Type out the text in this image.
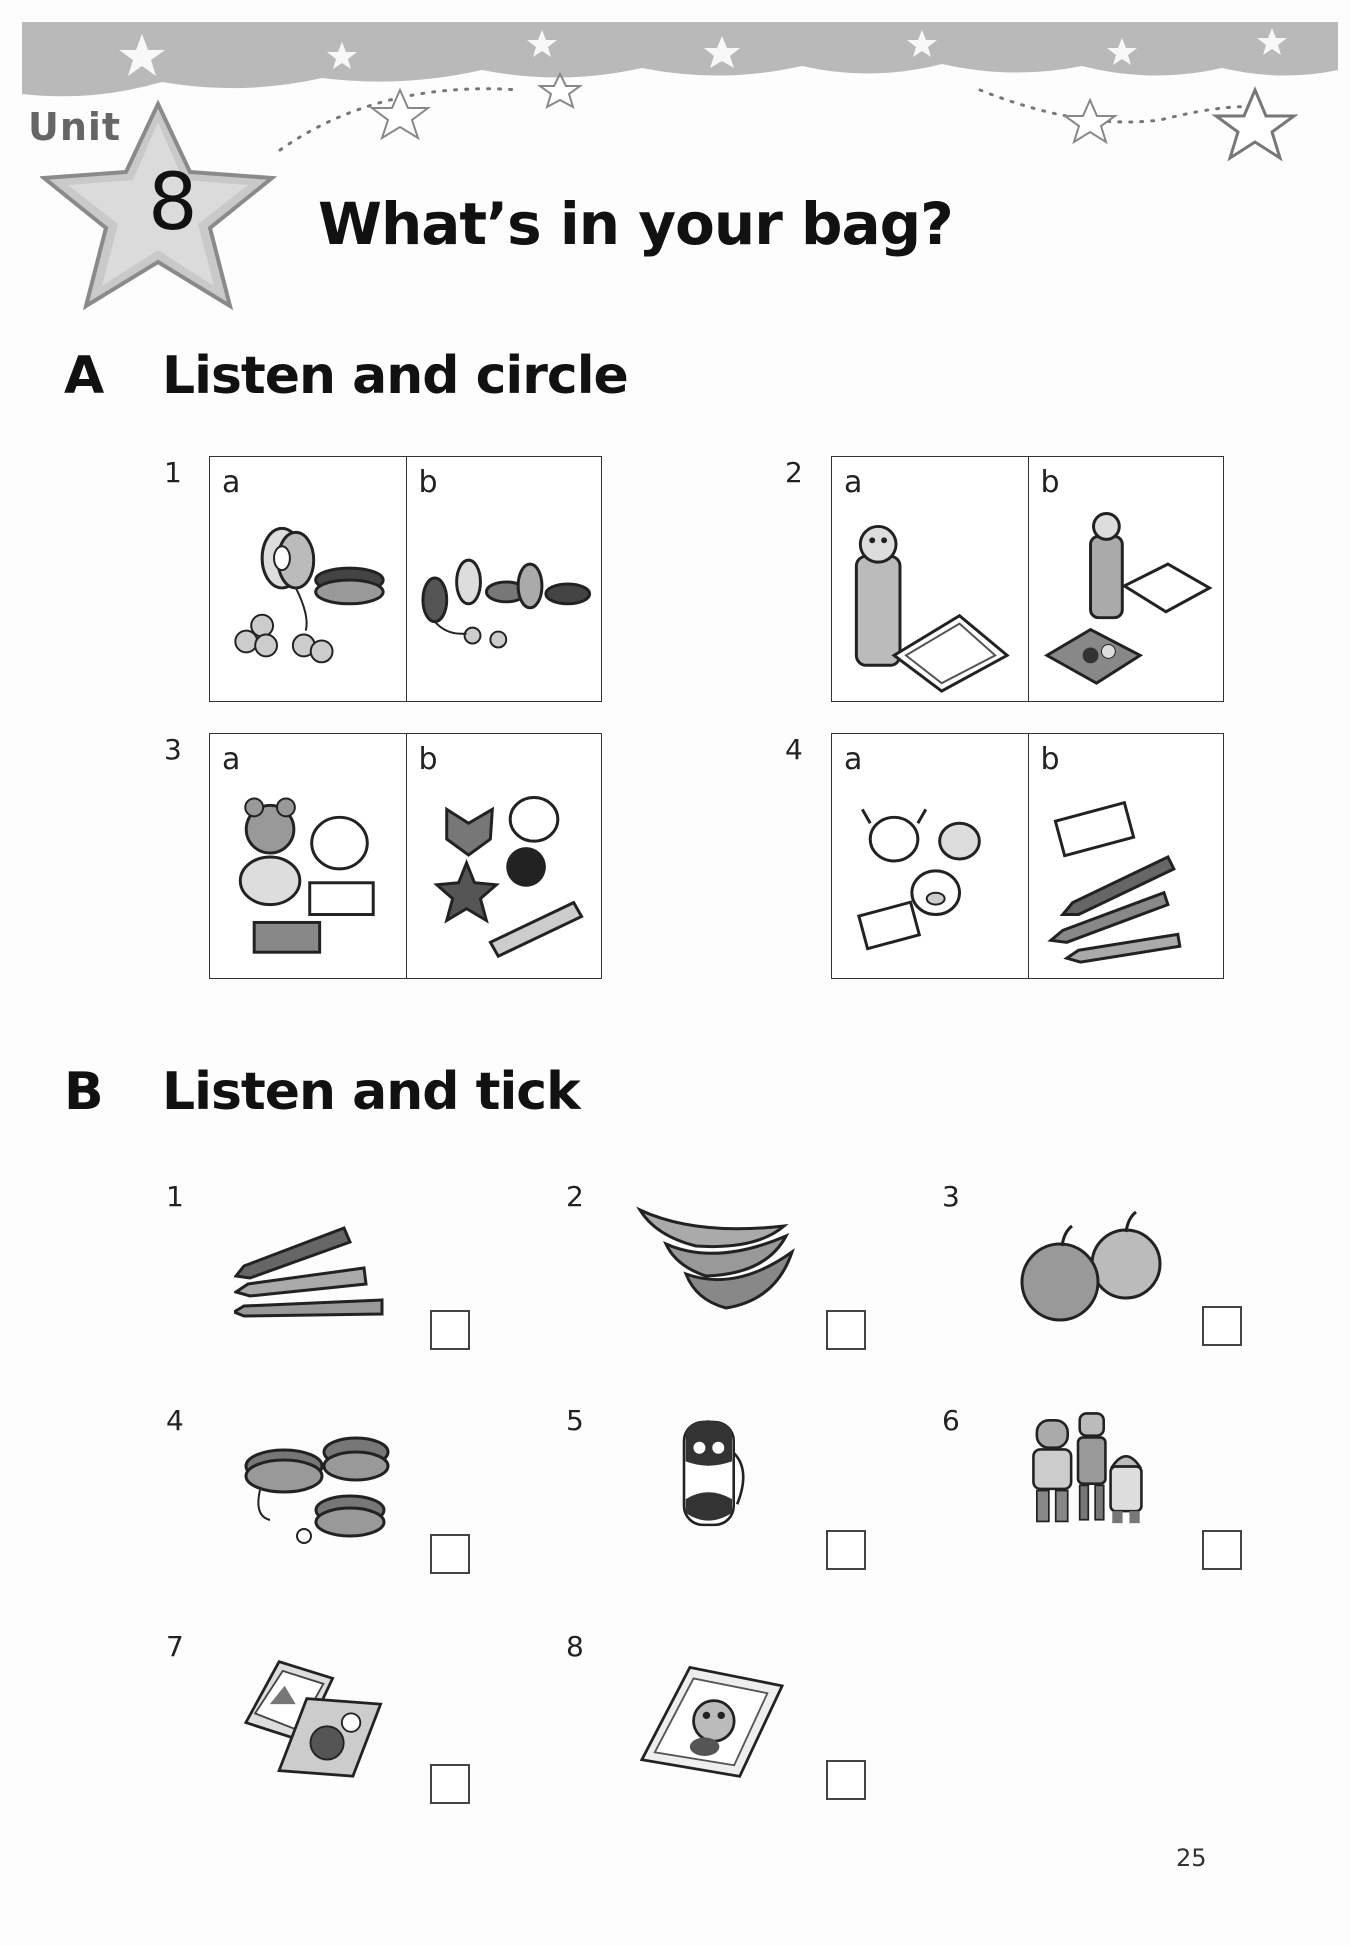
Unit
8 What’s in your bag?
A Listen and circle
1 a	b	2 a	b
3 a	b	4 a	b
B Listen and tick
1	2	3
4	5	6
7	8
25
